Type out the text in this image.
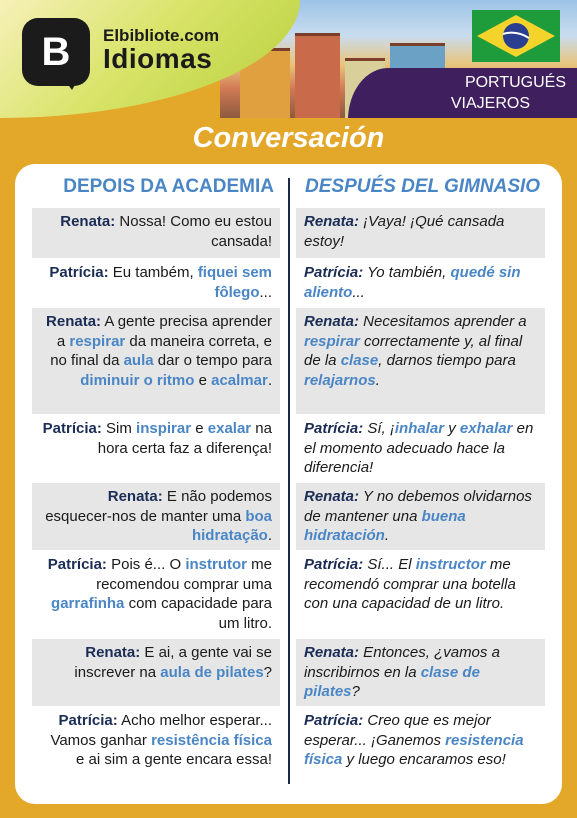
B Elbibliote.com
Idiomas
PORTUGUÉS
VIAJEROS
Conversación
DEPOIS DA ACADEMIA DESPUÉS DEL GIMNASIO
Renata: Nossa! Como eu estou cansada!
Renata: ¡Vaya! ¡Qué cansada estoy!
Patrícia: Eu também, fiquei sem fôlego...
Patrícia: Yo también, quedé sin aliento...
Renata: A gente precisa aprender a respirar da maneira correta, e no final da aula dar o tempo para diminuir o ritmo e acalmar.
Renata: Necesitamos aprender a respirar correctamente y, al final de la clase, darnos tiempo para relajarnos.
Patrícia: Sim inspirar e exalar na hora certa faz a diferença!
Patrícia: Sí, ¡inhalar y exhalar en el momento adecuado hace la diferencia!
Renata: E não podemos esquecer-nos de manter uma boa hidratação.
Renata: Y no debemos olvidarnos de mantener una buena hidratación.
Patrícia: Pois é... O instrutor me recomendou comprar uma garrafinha com capacidade para um litro.
Patrícia: Sí... El instructor me recomendó comprar una botella con una capacidad de un litro.
Renata: E ai, a gente vai se inscrever na aula de pilates?
Renata: Entonces, ¿vamos a inscribirnos en la clase de pilates?
Patrícia: Acho melhor esperar... Vamos ganhar resistência física e ai sim a gente encara essa!
Patrícia: Creo que es mejor esperar... ¡Ganemos resistencia física y luego encaramos eso!
